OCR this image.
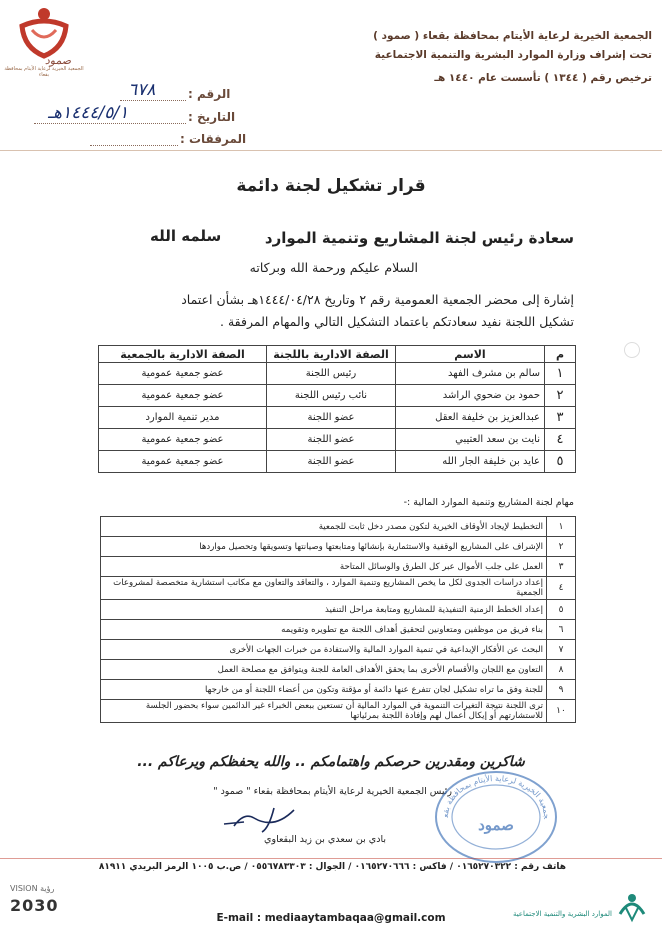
صمود
الجمعية الخيرية لرعاية الأيتام بمحافظة بقعاء
الجمعية الخيرية لرعاية الأيتام بمحافظة بقعاء ( صمود )
تحت إشراف وزارة الموارد البشرية والتنمية الاجتماعية
ترخيص رقم ( ١٣٤٤ ) تأسست عام ١٤٤٠ هـ
الرقم :
٦٧٨
التاريخ :
١٤٤٤/٥/١هـ
المرفقات :
قرار تشكيل لجنة دائمة
سعادة رئيس لجنة المشاريع وتنمية الموارد
سلمه الله
السلام عليكم ورحمة الله وبركاته
إشارة إلى محضر الجمعية العمومية رقم ٢ وتاريخ ١٤٤٤/٠٤/٢٨هـ بشأن اعتماد
تشكيل اللجنة نفيد سعادتكم باعتماد التشكيل التالي والمهام المرفقة .
م	الاسم	الصفة الادارية باللجنة	الصفة الادارية بالجمعية
١	سالم بن مشرف الفهد	رئيس اللجنة	عضو جمعية عمومية
٢	حمود بن ضحوي الراشد	نائب رئيس اللجنة	عضو جمعية عمومية
٣	عبدالعزيز بن خليفة العقل	عضو اللجنة	مدير تنمية الموارد
٤	نايت بن سعد العتيبي	عضو اللجنة	عضو جمعية عمومية
٥	عايد بن خليفة الجار الله	عضو اللجنة	عضو جمعية عمومية
مهام لجنة المشاريع وتنمية الموارد المالية :-
١	التخطيط لإيجاد الأوقاف الخيرية لتكون مصدر دخل ثابت للجمعية
٢	الإشراف على المشاريع الوقفية والاستثمارية بإنشائها ومتابعتها وصيانتها وتسويقها وتحصيل مواردها
٣	العمل على جلب الأموال عبر كل الطرق والوسائل المتاحة
٤	إعداد دراسات الجدوى لكل ما يخص المشاريع وتنمية الموارد ، والتعاقد والتعاون مع مكاتب استشارية متخصصة لمشروعات الجمعية
٥	إعداد الخطط الزمنية التنفيذية للمشاريع ومتابعة مراحل التنفيذ
٦	بناء فريق من موظفين ومتعاونين لتحقيق أهداف اللجنة مع تطويره وتقويمه
٧	البحث عن الأفكار الإبداعية في تنمية الموارد المالية والاستفادة من خبرات الجهات الأخرى
٨	التعاون مع اللجان والأقسام الأخرى بما يحقق الأهداف العامة للجنة ويتوافق مع مصلحة العمل
٩	للجنة وفق ما تراه تشكيل لجان تتفرع عنها دائمة أو مؤقتة وتكون من أعضاء اللجنة أو من خارجها
١٠	ترى اللجنة نتيجة التغيرات التنموية في الموارد المالية أن تستعين ببعض الخبراء غير الدائمين سواء بحضور الجلسة للاستشارتهم أو إيكال أعمال لهم وإفادة اللجنة بمرئياتها
شاكرين ومقدرين حرصكم واهتمامكم .. والله يحفظكم ويرعاكم ...
رئيس الجمعية الخيرية لرعاية الأيتام بمحافظة بقعاء " صمود "
بادي بن سعدي بن زيد البقعاوي
جمعية الخيرية لرعاية الأيتام بمحافظة بقع
صمود
هاتف رقم : ٠١٦٥٢٧٠٣٢٢ / فاكس : ٠١٦٥٢٧٠٦٦٦ / الجوال : ٠٥٥٦٧٨٣٣٠٣ / ص.ب ١٠٠٥ الرمز البريدي ٨١٩١١
E-mail : mediaaytambaqaa@gmail.com
VISION رؤية
2030	الموارد البشرية والتنمية الاجتماعية
